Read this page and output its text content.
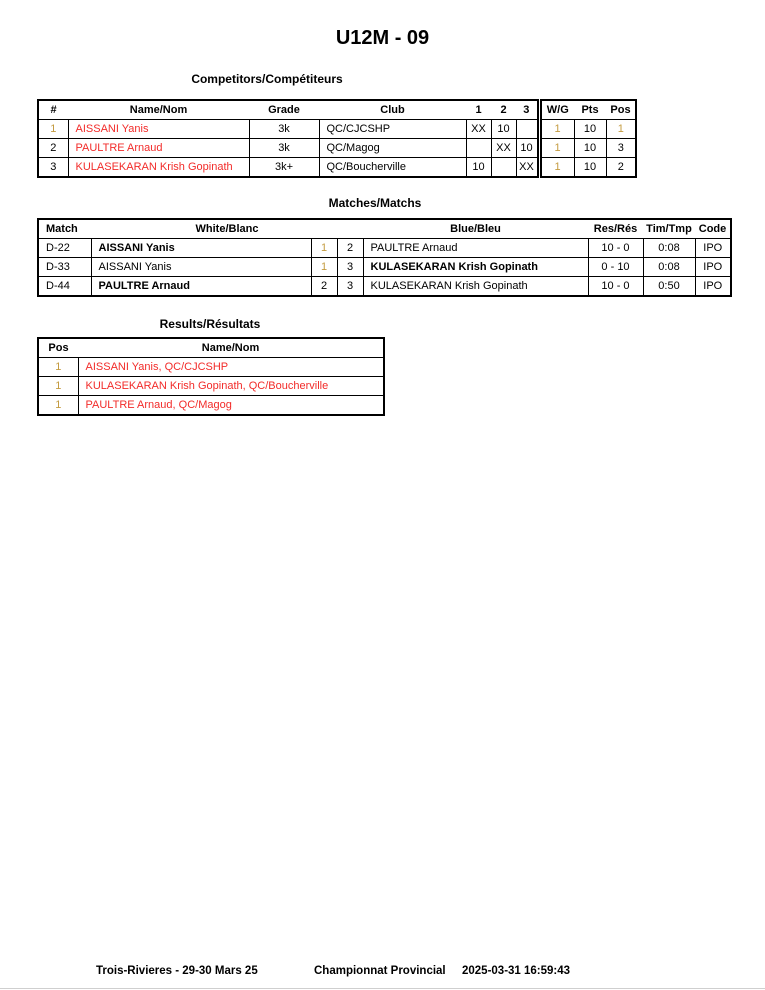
U12M - 09
Competitors/Compétiteurs
#	Name/Nom	Grade	Club	1	2	3	W/G	Pts	Pos
1	AISSANI Yanis	3k	QC/CJCSHP	XX	10		1	10	1
2	PAULTRE Arnaud	3k	QC/Magog		XX	10	1	10	3
3	KULASEKARAN Krish Gopinath	3k+	QC/Boucherville	10		XX	1	10	2
Matches/Matchs
Match	White/Blanc			Blue/Bleu	Res/Rés	Tim/Tmp	Code
D-22	AISSANI Yanis	1	2	PAULTRE Arnaud	10 - 0	0:08	IPO
D-33	AISSANI Yanis	1	3	KULASEKARAN Krish Gopinath	0 - 10	0:08	IPO
D-44	PAULTRE Arnaud	2	3	KULASEKARAN Krish Gopinath	10 - 0	0:50	IPO
Results/Résultats
Pos	Name/Nom
1	AISSANI Yanis, QC/CJCSHP
1	KULASEKARAN Krish Gopinath, QC/Boucherville
1	PAULTRE Arnaud, QC/Magog
Trois-Rivieres - 29-30 Mars 25	Championnat Provincial 2025-03-31 16:59:43
